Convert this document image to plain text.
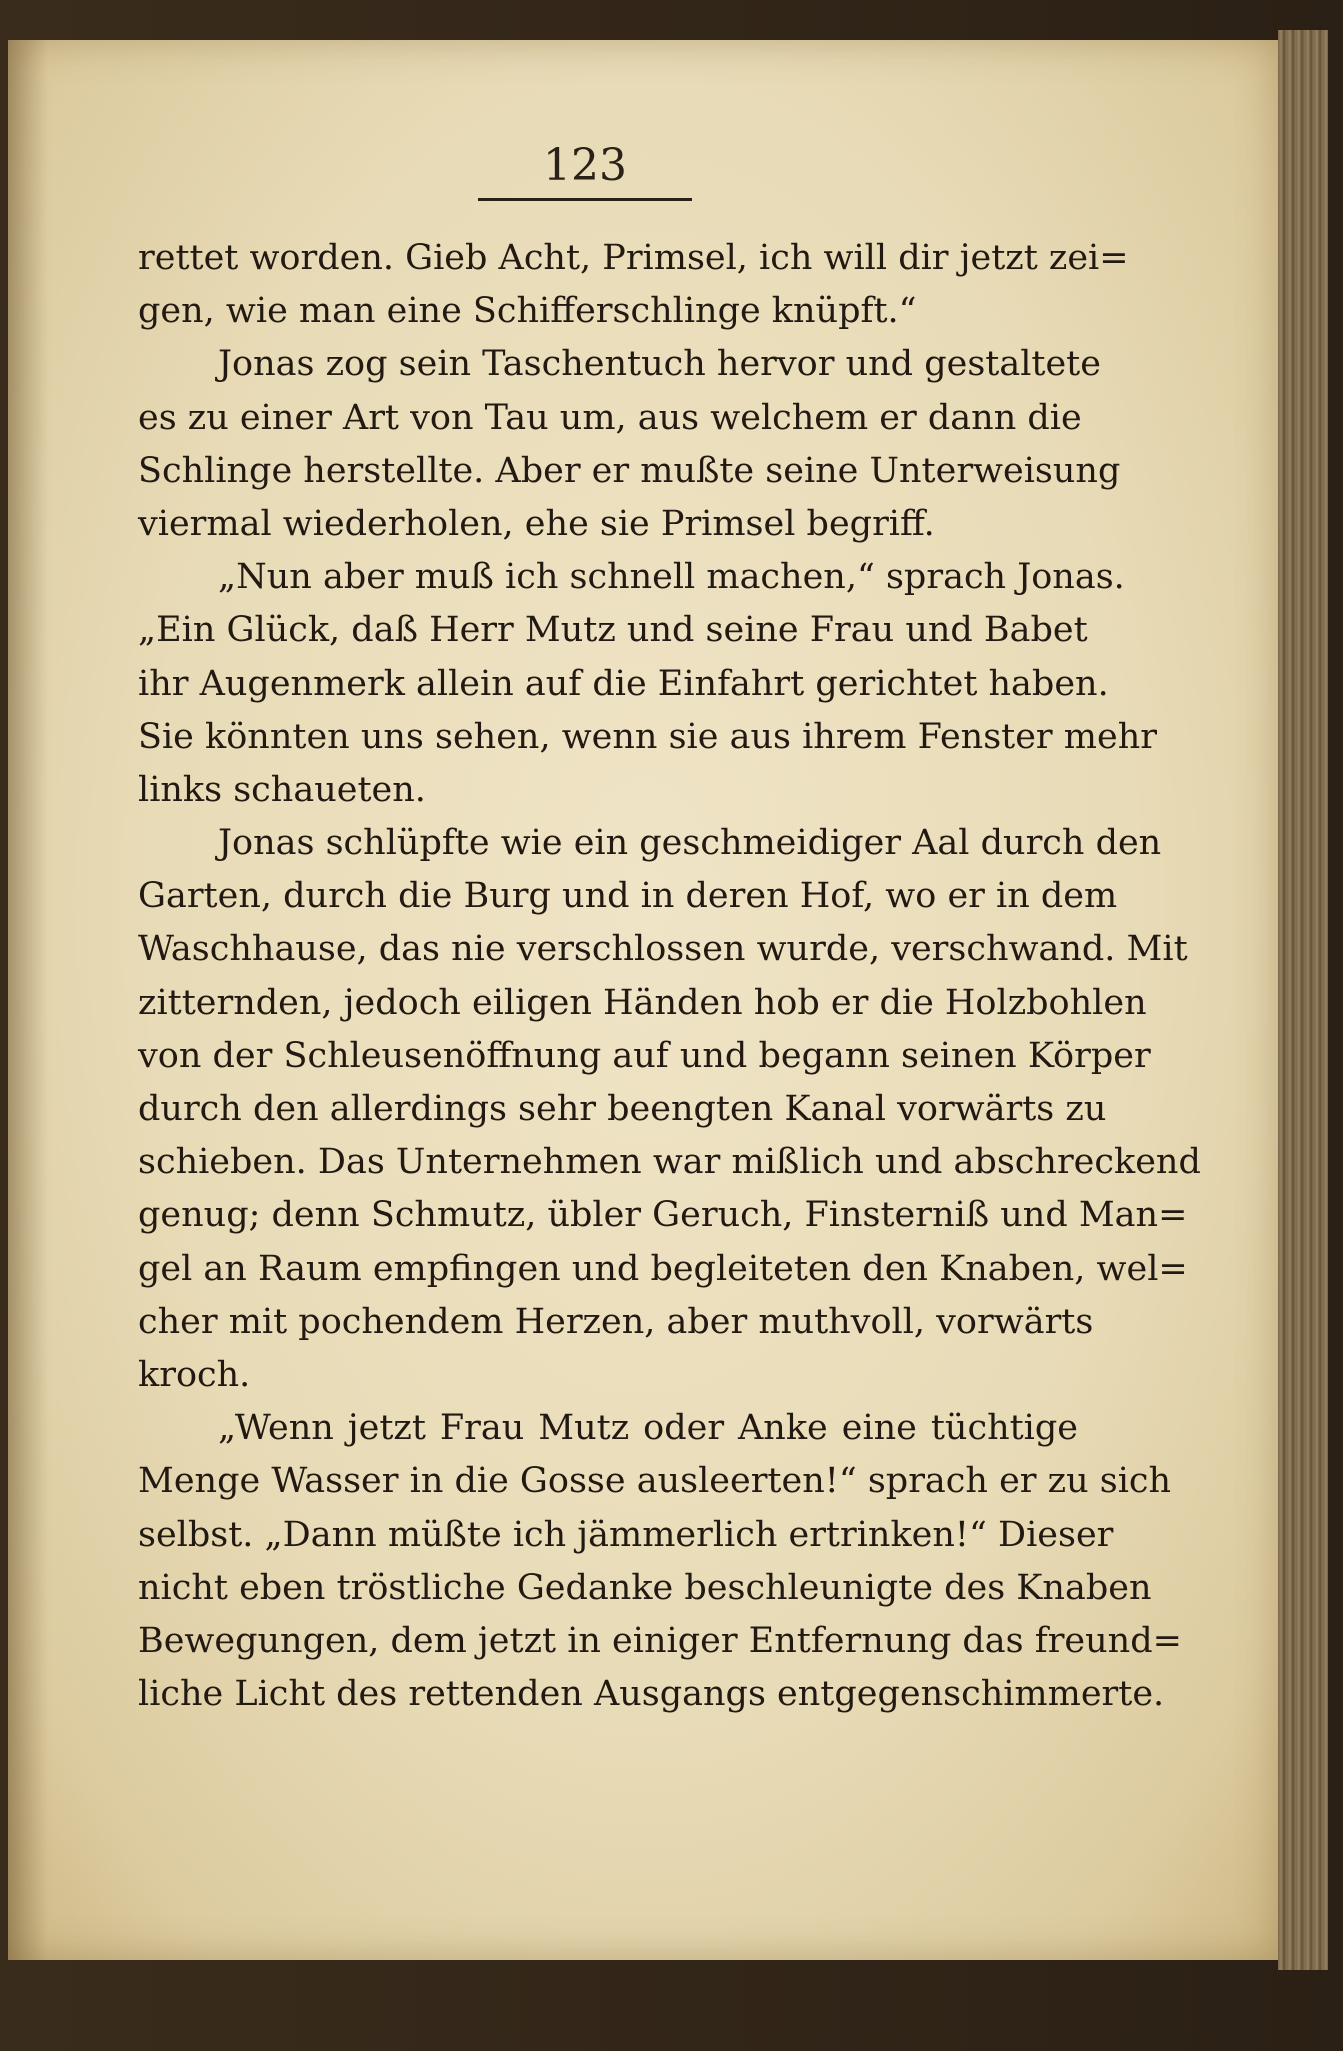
123
rettet worden. Gieb Acht, Primsel, ich will dir jetzt zei=
gen, wie man eine Schifferschlinge knüpft.“
Jonas zog sein Taschentuch hervor und gestaltete
es zu einer Art von Tau um, aus welchem er dann die
Schlinge herstellte. Aber er mußte seine Unterweisung
viermal wiederholen, ehe sie Primsel begriff.
„Nun aber muß ich schnell machen,“ sprach Jonas.
„Ein Glück, daß Herr Mutz und seine Frau und Babet
ihr Augenmerk allein auf die Einfahrt gerichtet haben.
Sie könnten uns sehen, wenn sie aus ihrem Fenster mehr
links schaueten.
Jonas schlüpfte wie ein geschmeidiger Aal durch den
Garten, durch die Burg und in deren Hof, wo er in dem
Waschhause, das nie verschlossen wurde, verschwand. Mit
zitternden, jedoch eiligen Händen hob er die Holzbohlen
von der Schleusenöffnung auf und begann seinen Körper
durch den allerdings sehr beengten Kanal vorwärts zu
schieben. Das Unternehmen war mißlich und abschreckend
genug; denn Schmutz, übler Geruch, Finsterniß und Man=
gel an Raum empfingen und begleiteten den Knaben, wel=
cher mit pochendem Herzen, aber muthvoll, vorwärts
kroch.
„Wenn jetzt Frau Mutz oder Anke eine tüchtige
Menge Wasser in die Gosse ausleerten!“ sprach er zu sich
selbst. „Dann müßte ich jämmerlich ertrinken!“ Dieser
nicht eben tröstliche Gedanke beschleunigte des Knaben
Bewegungen, dem jetzt in einiger Entfernung das freund=
liche Licht des rettenden Ausgangs entgegenschimmerte.
